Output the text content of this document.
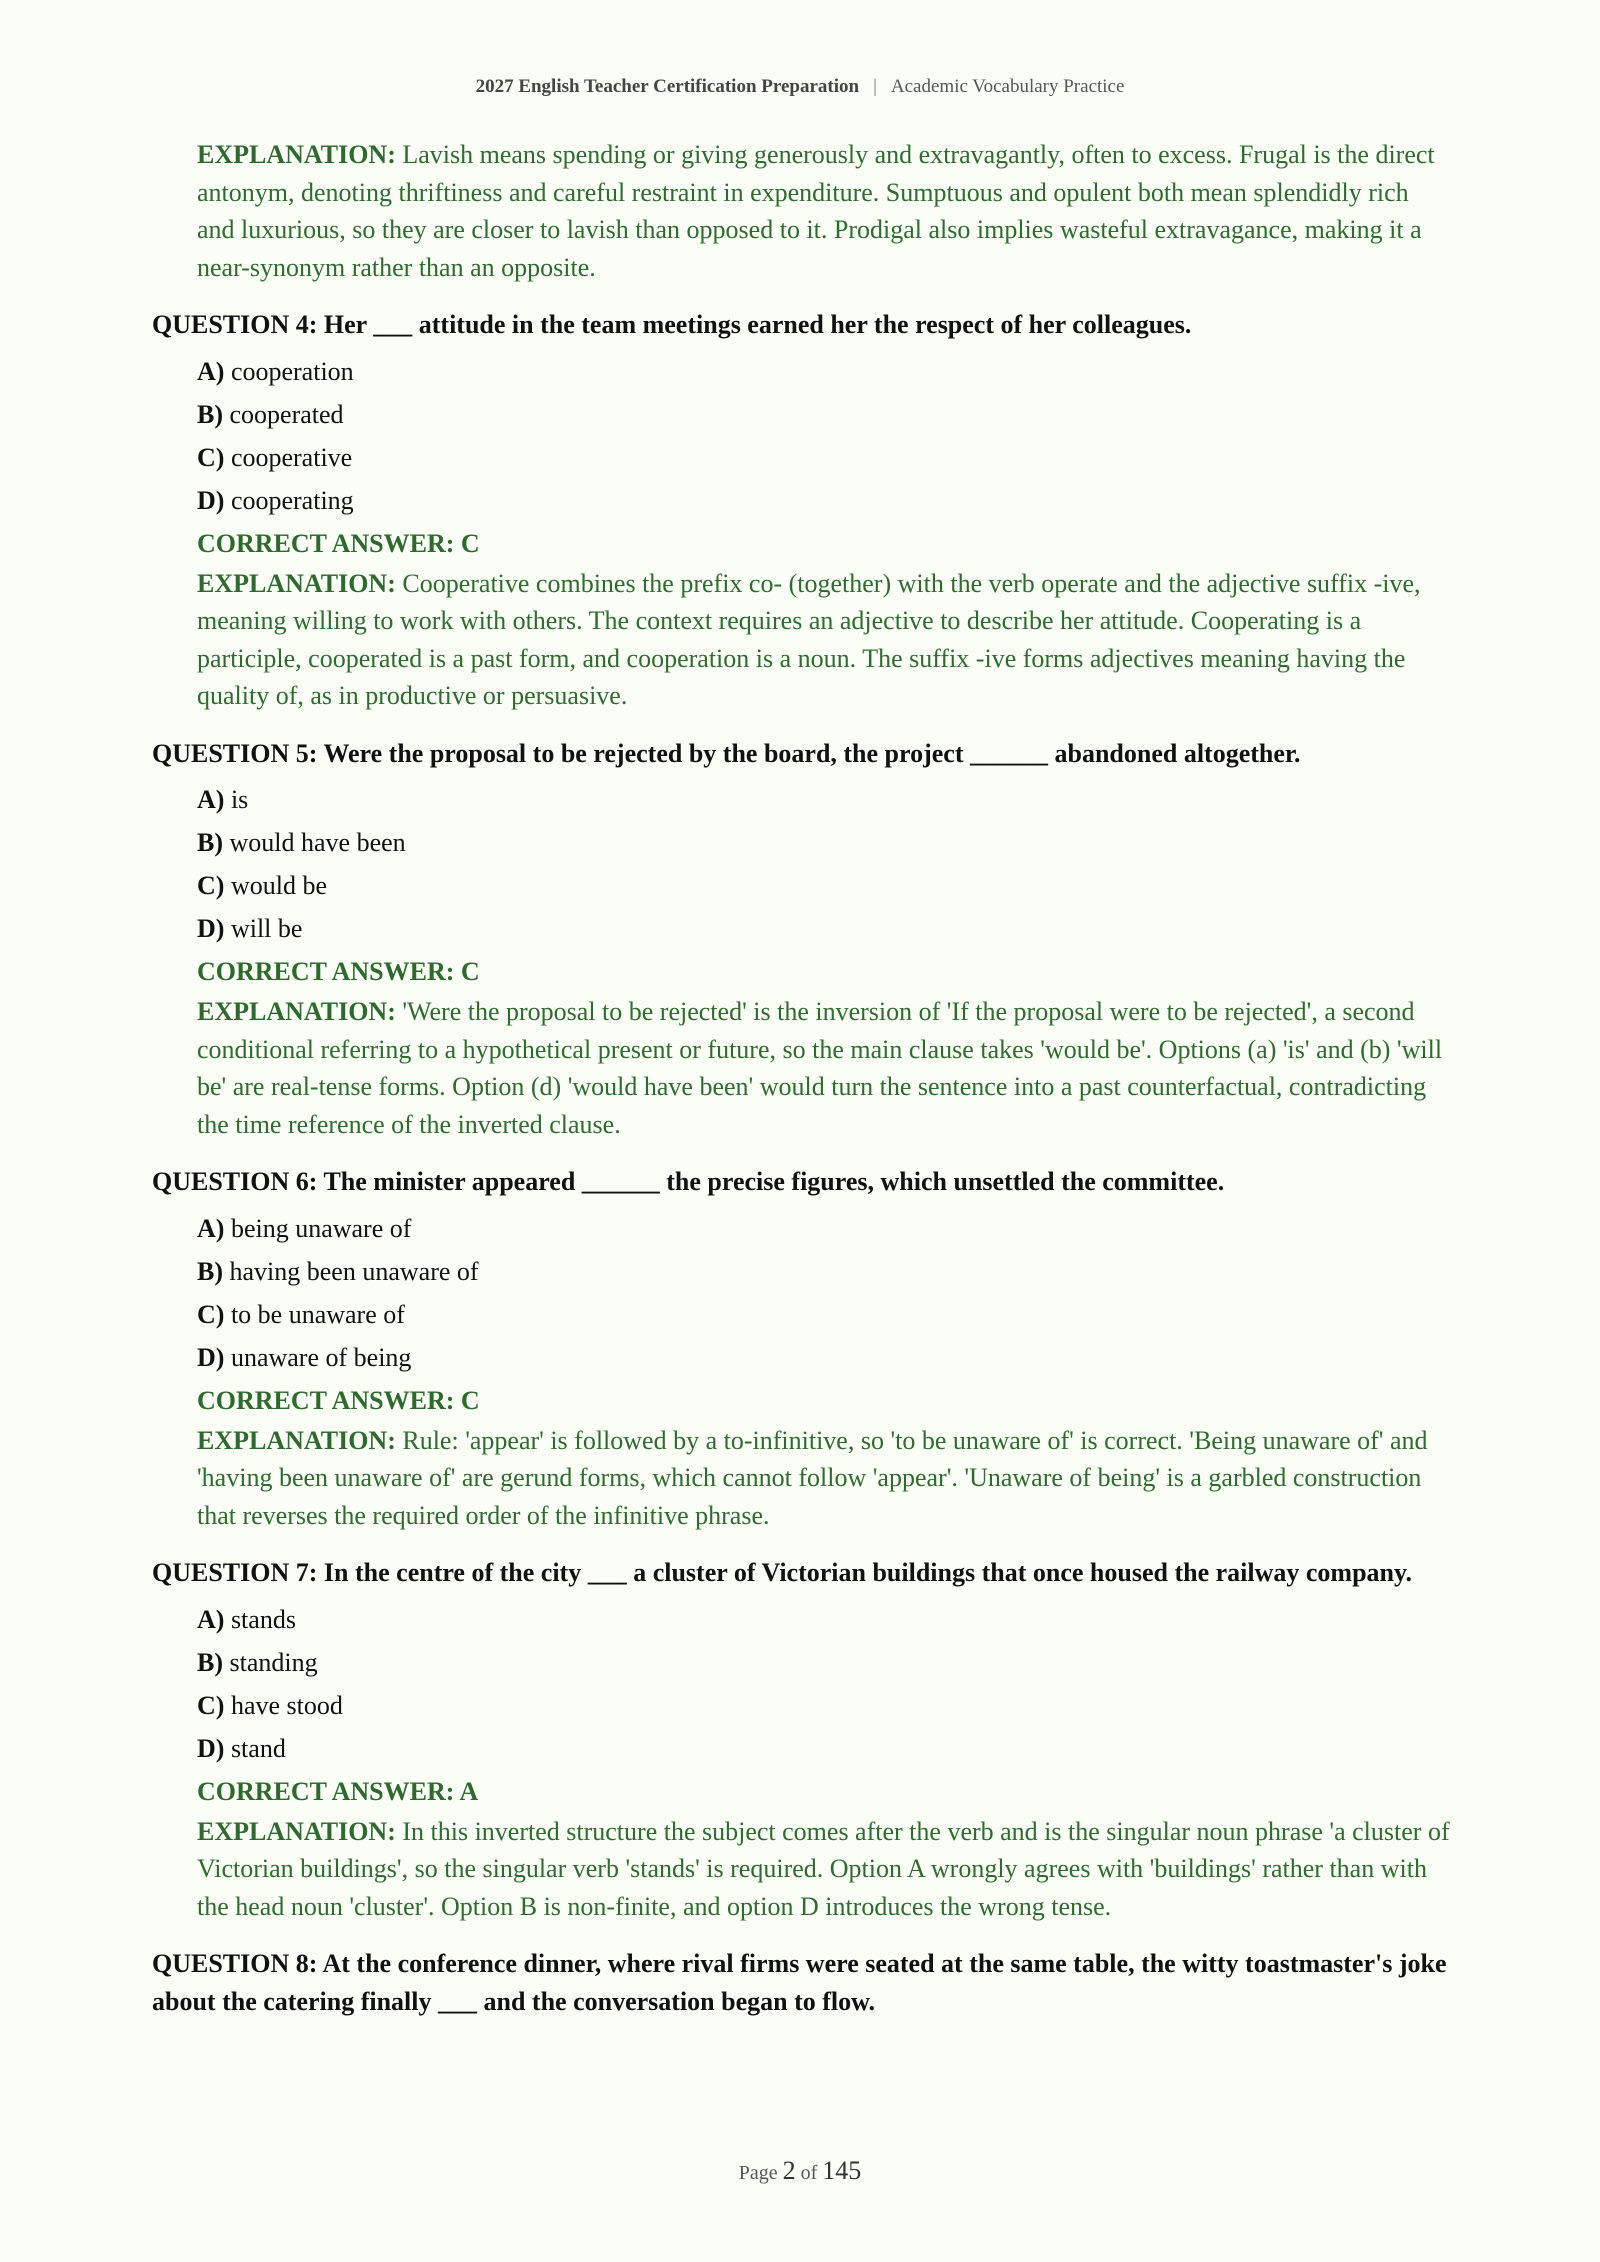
2027 English Teacher Certification Preparation | Academic Vocabulary Practice
EXPLANATION: Lavish means spending or giving generously and extravagantly, often to excess. Frugal is the direct antonym, denoting thriftiness and careful restraint in expenditure. Sumptuous and opulent both mean splendidly rich and luxurious, so they are closer to lavish than opposed to it. Prodigal also implies wasteful extravagance, making it a near-synonym rather than an opposite.
QUESTION 4: Her ___ attitude in the team meetings earned her the respect of her colleagues.
A) cooperation
B) cooperated
C) cooperative
D) cooperating
CORRECT ANSWER: C
EXPLANATION: Cooperative combines the prefix co- (together) with the verb operate and the adjective suffix -ive, meaning willing to work with others. The context requires an adjective to describe her attitude. Cooperating is a participle, cooperated is a past form, and cooperation is a noun. The suffix -ive forms adjectives meaning having the quality of, as in productive or persuasive.
QUESTION 5: Were the proposal to be rejected by the board, the project ______ abandoned altogether.
A) is
B) would have been
C) would be
D) will be
CORRECT ANSWER: C
EXPLANATION: 'Were the proposal to be rejected' is the inversion of 'If the proposal were to be rejected', a second conditional referring to a hypothetical present or future, so the main clause takes 'would be'. Options (a) 'is' and (b) 'will be' are real-tense forms. Option (d) 'would have been' would turn the sentence into a past counterfactual, contradicting the time reference of the inverted clause.
QUESTION 6: The minister appeared ______ the precise figures, which unsettled the committee.
A) being unaware of
B) having been unaware of
C) to be unaware of
D) unaware of being
CORRECT ANSWER: C
EXPLANATION: Rule: 'appear' is followed by a to-infinitive, so 'to be unaware of' is correct. 'Being unaware of' and 'having been unaware of' are gerund forms, which cannot follow 'appear'. 'Unaware of being' is a garbled construction that reverses the required order of the infinitive phrase.
QUESTION 7: In the centre of the city ___ a cluster of Victorian buildings that once housed the railway company.
A) stands
B) standing
C) have stood
D) stand
CORRECT ANSWER: A
EXPLANATION: In this inverted structure the subject comes after the verb and is the singular noun phrase 'a cluster of Victorian buildings', so the singular verb 'stands' is required. Option A wrongly agrees with 'buildings' rather than with the head noun 'cluster'. Option B is non-finite, and option D introduces the wrong tense.
QUESTION 8: At the conference dinner, where rival firms were seated at the same table, the witty toastmaster's joke about the catering finally ___ and the conversation began to flow.
Page 2 of 145
